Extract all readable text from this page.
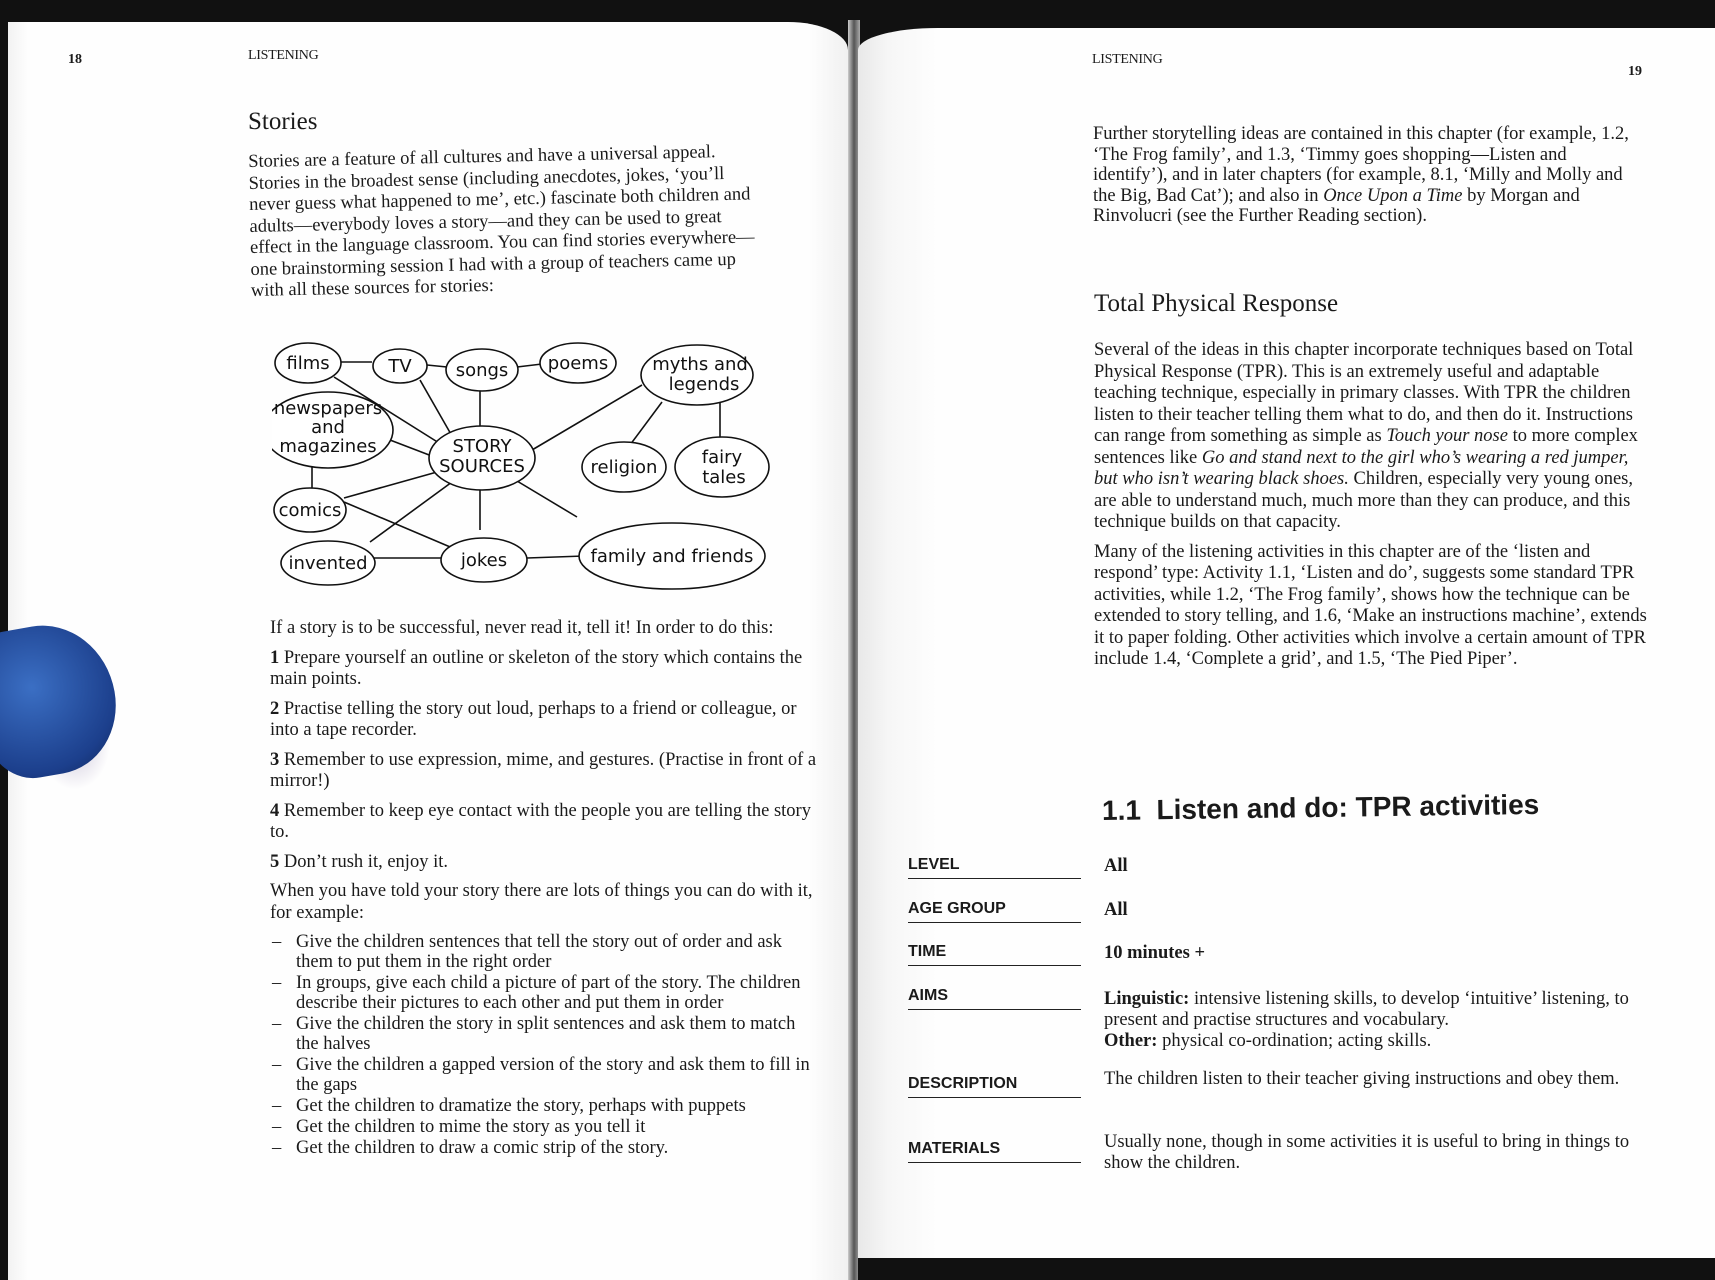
18	LISTENING
Stories

Stories are a feature of all cultures and have a universal appeal. Stories in the broadest sense (including anecdotes, jokes, ‘you’ll never guess what happened to me’, etc.) fascinate both children and adults—everybody loves a story—and they can be used to great effect in the language classroom. You can find stories everywhere—one brainstorming session I had with a group of teachers came up with all these sources for stories:

films	TV songs poems myths and
legends
newspapers
and
magazines	STORY
SOURCES	religion fairy
tales
comics
invented	jokes	family and friends

If a story is to be successful, never read it, tell it! In order to do this:

1 Prepare yourself an outline or skeleton of the story which contains the main points.

2 Practise telling the story out loud, perhaps to a friend or colleague, or into a tape recorder.

3 Remember to use expression, mime, and gestures. (Practise in front of a mirror!)

4 Remember to keep eye contact with the people you are telling the story to.

5 Don’t rush it, enjoy it.

When you have told your story there are lots of things you can do with it, for example:

– Give the children sentences that tell the story out of order and ask them to put them in the right order
– In groups, give each child a picture of part of the story. The children describe their pictures to each other and put them in order
– Give the children the story in split sentences and ask them to match the halves
– Give the children a gapped version of the story and ask them to fill in the gaps
– Get the children to dramatize the story, perhaps with puppets
– Get the children to mime the story as you tell it
– Get the children to draw a comic strip of the story.
LISTENING
19

Further storytelling ideas are contained in this chapter (for example, 1.2, ‘The Frog family’, and 1.3, ‘Timmy goes shopping—Listen and identify’), and in later chapters (for example, 8.1, ‘Milly and Molly and the Big, Bad Cat’); and also in Once Upon a Time by Morgan and Rinvolucri (see the Further Reading section).

Total Physical Response

Several of the ideas in this chapter incorporate techniques based on Total Physical Response (TPR). This is an extremely useful and adaptable teaching technique, especially in primary classes. With TPR the children listen to their teacher telling them what to do, and then do it. Instructions can range from something as simple as Touch your nose to more complex sentences like Go and stand next to the girl who’s wearing a red jumper, but who isn’t wearing black shoes. Children, especially very young ones, are able to understand much, much more than they can produce, and this technique builds on that capacity.

Many of the listening activities in this chapter are of the ‘listen and respond’ type: Activity 1.1, ‘Listen and do’, suggests some standard TPR activities, while 1.2, ‘The Frog family’, shows how the technique can be extended to story telling, and 1.6, ‘Make an instructions machine’, extends it to paper folding. Other activities which involve a certain amount of TPR include 1.4, ‘Complete a grid’, and 1.5, ‘The Pied Piper’.

1.1 Listen and do: TPR activities
LEVEL	All
AGE GROUP	All
TIME	10 minutes +
AIMS	Linguistic: intensive listening skills, to develop ‘intuitive’ listening, to present and practise structures and vocabulary.
Other: physical co-ordination; acting skills.
DESCRIPTION	The children listen to their teacher giving instructions and obey them.
MATERIALS	Usually none, though in some activities it is useful to bring in things to show the children.
